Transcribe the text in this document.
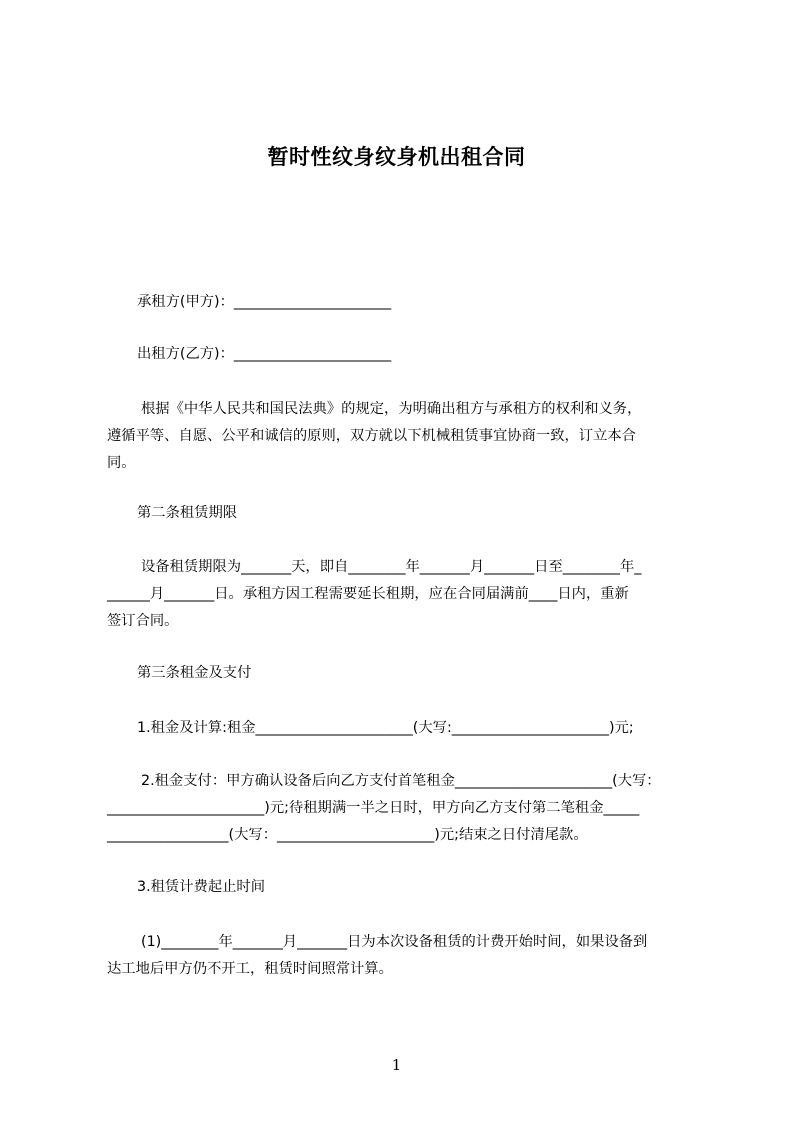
暂时性纹身纹身机出租合同
承租方(甲方)：______________________
出租方(乙方)：______________________
根据《中华人民共和国民法典》的规定，为明确出租方与承租方的权利和义务，
遵循平等、自愿、公平和诚信的原则，双方就以下机械租赁事宜协商一致，订立本合
同。
第二条租赁期限
设备租赁期限为_______天，即自________年_______月_______日至________年_
______月_______日。承租方因工程需要延长租期，应在合同届满前____日内，重新
签订合同。
第三条租金及支付
1.租金及计算:租金______________________(大写:______________________)元;
2.租金支付：甲方确认设备后向乙方支付首笔租金______________________(大写：
______________________)元;待租期满一半之日时，甲方向乙方支付第二笔租金_____
_________________(大写：______________________)元;结束之日付清尾款。
3.租赁计费起止时间
(1)________年_______月_______日为本次设备租赁的计费开始时间，如果设备到
达工地后甲方仍不开工，租赁时间照常计算。
1
